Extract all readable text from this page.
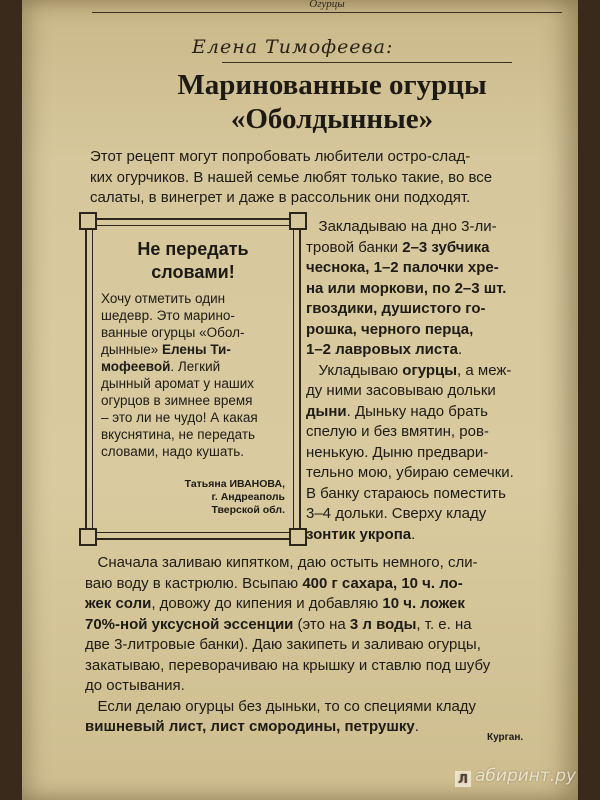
Огурцы
Елена Тимофеева:
Маринованные огурцы
«Оболдынные»
Этот рецепт могут попробовать любители остро-слад-
ких огурчиков. В нашей семье любят только такие, во все
салаты, в винегрет и даже в рассольник они подходят.
Не передать
словами!
Хочу отметить один
шедевр. Это марино-
ванные огурцы «Обол-
дынные» Елены Ти-
мофеевой. Легкий
дынный аромат у наших
огурцов в зимнее время
– это ли не чудо! А какая
вкуснятина, не передать
словами, надо кушать.
Татьяна ИВАНОВА,
г. Андреаполь
Тверской обл.
Закладываю на дно 3-ли-
тровой банки 2–3 зубчика
чеснока, 1–2 палочки хре-
на или моркови, по 2–3 шт.
гвоздики, душистого го-
рошка, черного перца,
1–2 лавровых листа.
Укладываю огурцы, а меж-
ду ними засовываю дольки
дыни. Дыньку надо брать
спелую и без вмятин, ров-
ненькую. Дыню предвари-
тельно мою, убираю семечки.
В банку стараюсь поместить
3–4 дольки. Сверху кладу
зонтик укропа.
Сначала заливаю кипятком, даю остыть немного, сли-
ваю воду в кастрюлю. Всыпаю 400 г сахара, 10 ч. ло-
жек соли, довожу до кипения и добавляю 10 ч. ложек
70%-ной уксусной эссенции (это на 3 л воды, т. е. на
две 3-литровые банки). Даю закипеть и заливаю огурцы,
закатываю, переворачиваю на крышку и ставлю под шубу
до остывания.
Если делаю огурцы без дыньки, то со специями кладу
вишневый лист, лист смородины, петрушку.
Курган.
Л абиринт.ру
